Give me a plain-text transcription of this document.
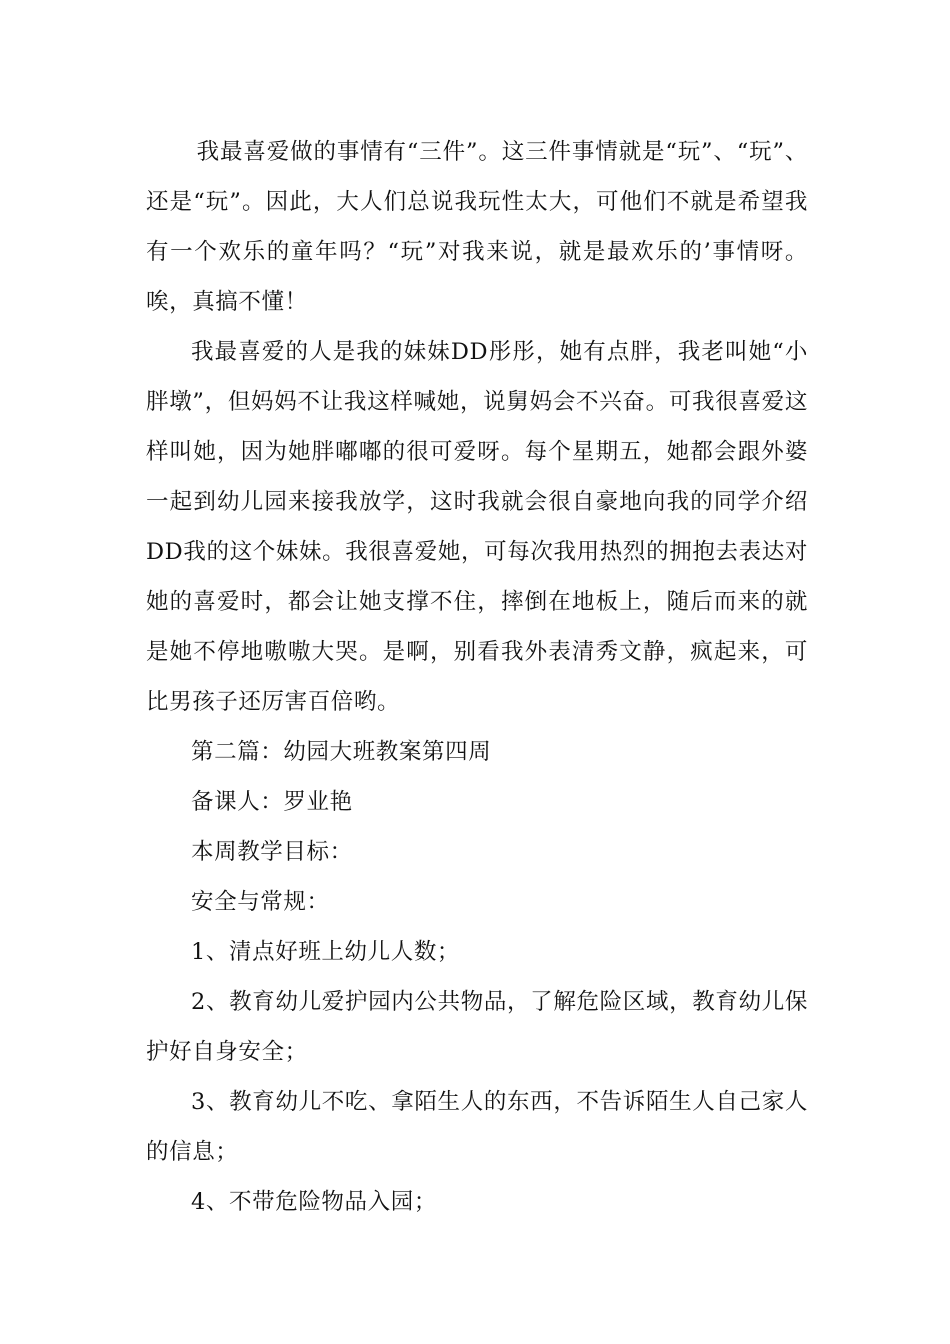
我最喜爱做的事情有“三件”。这三件事情就是“玩”、“玩”、还是“玩”。因此，大人们总说我玩性太大，可他们不就是希望我有一个欢乐的童年吗？“玩”对我来说，就是最欢乐的’事情呀。唉，真搞不懂！

我最喜爱的人是我的妹妹DD彤彤，她有点胖，我老叫她“小胖墩”，但妈妈不让我这样喊她，说舅妈会不兴奋。可我很喜爱这样叫她，因为她胖嘟嘟的很可爱呀。每个星期五，她都会跟外婆一起到幼儿园来接我放学，这时我就会很自豪地向我的同学介绍DD我的这个妹妹。我很喜爱她，可每次我用热烈的拥抱去表达对她的喜爱时，都会让她支撑不住，摔倒在地板上，随后而来的就是她不停地嗷嗷大哭。是啊，别看我外表清秀文静，疯起来，可比男孩子还厉害百倍哟。

第二篇：幼园大班教案第四周

备课人：罗业艳

本周教学目标：

安全与常规：

1、清点好班上幼儿人数；

2、教育幼儿爱护园内公共物品，了解危险区域，教育幼儿保护好自身安全；

3、教育幼儿不吃、拿陌生人的东西，不告诉陌生人自己家人的信息；

4、不带危险物品入园；
